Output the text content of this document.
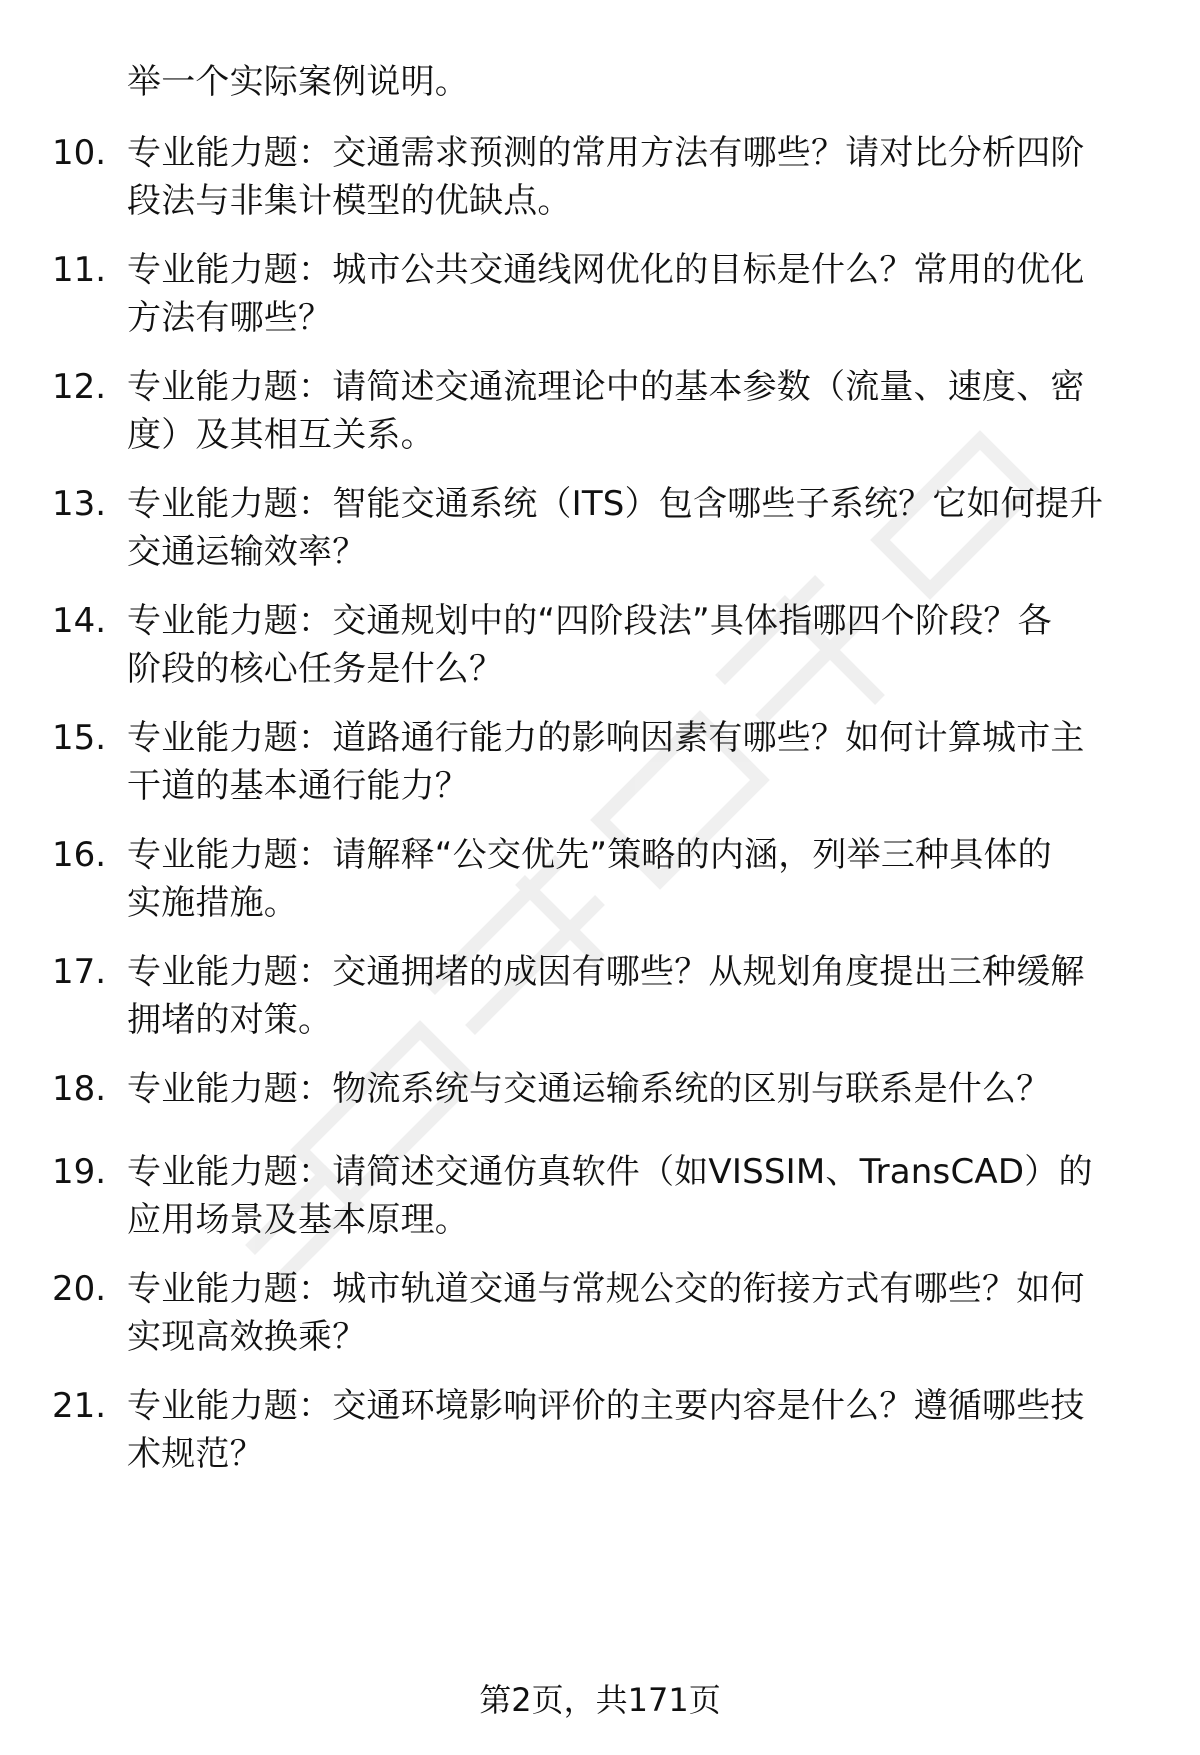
举一个实际案例说明。
10. 专业能力题：交通需求预测的常用方法有哪些？请对比分析四阶
段法与非集计模型的优缺点。
11. 专业能力题：城市公共交通线网优化的目标是什么？常用的优化
方法有哪些？
12. 专业能力题：请简述交通流理论中的基本参数（流量、速度、密
度）及其相互关系。
13. 专业能力题：智能交通系统（ITS）包含哪些子系统？它如何提升
交通运输效率？
14. 专业能力题：交通规划中的“四阶段法”具体指哪四个阶段？各
阶段的核心任务是什么？
15. 专业能力题：道路通行能力的影响因素有哪些？如何计算城市主
干道的基本通行能力？
16. 专业能力题：请解释“公交优先”策略的内涵，列举三种具体的
实施措施。
17. 专业能力题：交通拥堵的成因有哪些？从规划角度提出三种缓解
拥堵的对策。
18. 专业能力题：物流系统与交通运输系统的区别与联系是什么？
19. 专业能力题：请简述交通仿真软件（如VISSIM、TransCAD）的
应用场景及基本原理。
20. 专业能力题：城市轨道交通与常规公交的衔接方式有哪些？如何
实现高效换乘？
21. 专业能力题：交通环境影响评价的主要内容是什么？遵循哪些技
术规范？
第2页，共171页
